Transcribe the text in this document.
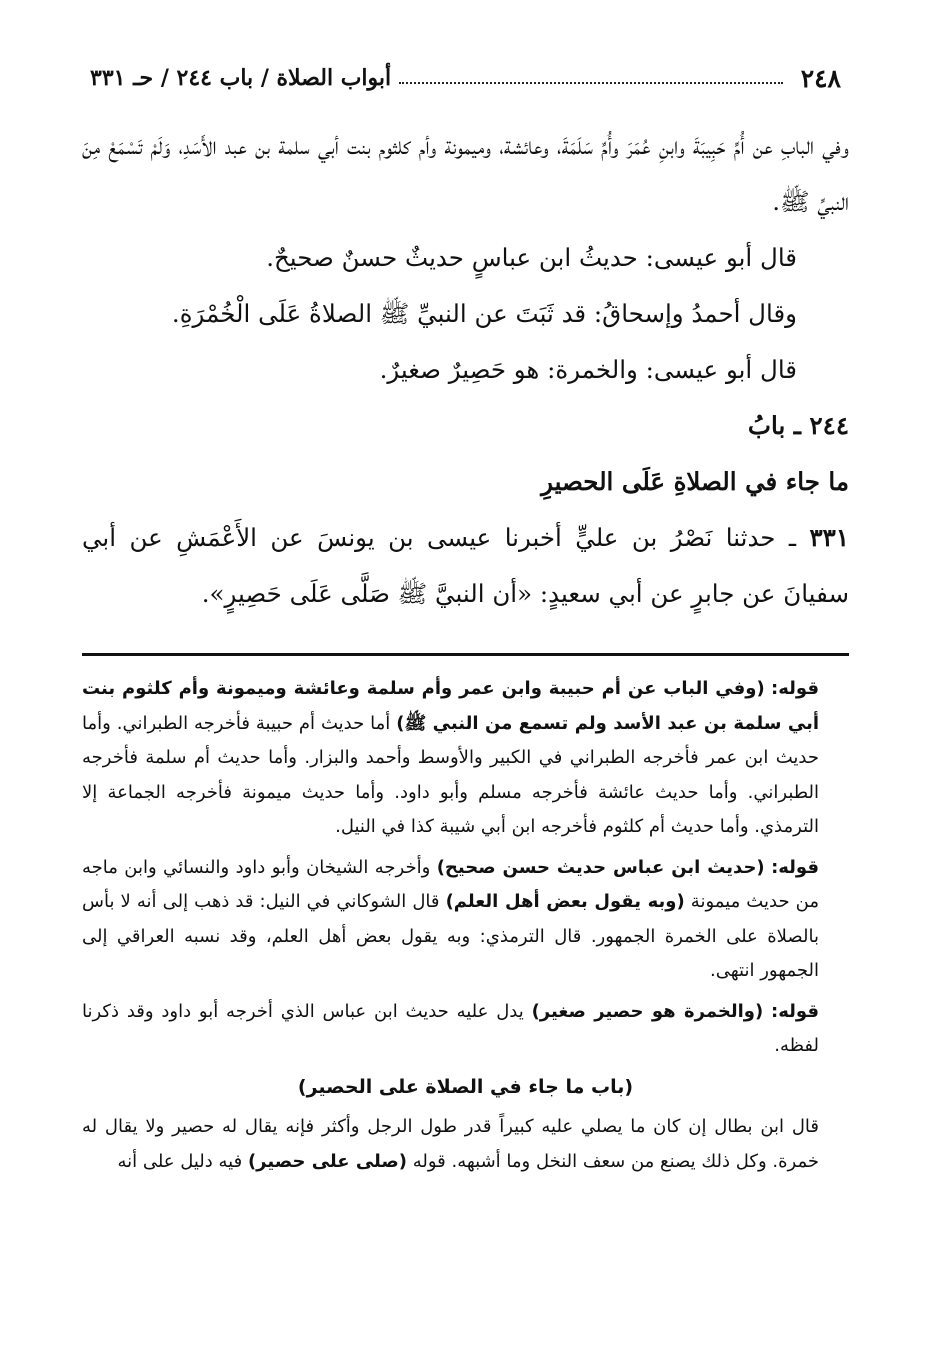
٢٤٨
أبواب الصلاة / باب ٢٤٤ / حـ ٣٣١

وفي البابِ عن أُمِّ حَبِيبَةَ وابنِ عُمَرَ وأُمِّ سَلَمَةَ، وعائشة، وميمونة وأم كلثوم بنت أبي سلمة بن عبد الأَسَدِ، وَلَمْ تَسْمَعْ مِنَ النبيِّ ﷺ.

قال أبو عيسى: حديثُ ابن عباسٍ حديثٌ حسنٌ صحيحٌ.

وقال أحمدُ وإسحاقُ: قد ثَبَتَ عن النبيِّ ﷺ الصلاةُ عَلَى الْخُمْرَةِ.

قال أبو عيسى: والخمرة: هو حَصِيرٌ صغيرٌ.

٢٤٤ ـ بابُ

ما جاء في الصلاةِ عَلَى الحصيرِ

٣٣١ ـ حدثنا نَصْرُ بن عليٍّ أخبرنا عيسى بن يونسَ عن الأَعْمَشِ عن أبي سفيانَ عن جابرٍ عن أبي سعيدٍ: «أن النبيَّ ﷺ صَلَّى عَلَى حَصِيرٍ».

قوله: (وفي الباب عن أم حبيبة وابن عمر وأم سلمة وعائشة وميمونة وأم كلثوم بنت أبي سلمة بن عبد الأسد ولم تسمع من النبي ﷺ) أما حديث أم حبيبة فأخرجه الطبراني. وأما حديث ابن عمر فأخرجه الطبراني في الكبير والأوسط وأحمد والبزار. وأما حديث أم سلمة فأخرجه الطبراني. وأما حديث عائشة فأخرجه مسلم وأبو داود. وأما حديث ميمونة فأخرجه الجماعة إلا الترمذي. وأما حديث أم كلثوم فأخرجه ابن أبي شيبة كذا في النيل.

قوله: (حديث ابن عباس حديث حسن صحيح) وأخرجه الشيخان وأبو داود والنسائي وابن ماجه من حديث ميمونة (وبه يقول بعض أهل العلم) قال الشوكاني في النيل: قد ذهب إلى أنه لا بأس بالصلاة على الخمرة الجمهور. قال الترمذي: وبه يقول بعض أهل العلم، وقد نسبه العراقي إلى الجمهور انتهى.

قوله: (والخمرة هو حصير صغير) يدل عليه حديث ابن عباس الذي أخرجه أبو داود وقد ذكرنا لفظه.

(باب ما جاء في الصلاة على الحصير)

قال ابن بطال إن كان ما يصلي عليه كبيراً قدر طول الرجل وأكثر فإنه يقال له حصير ولا يقال له خمرة. وكل ذلك يصنع من سعف النخل وما أشبهه. قوله (صلى على حصير) فيه دليل على أنه
